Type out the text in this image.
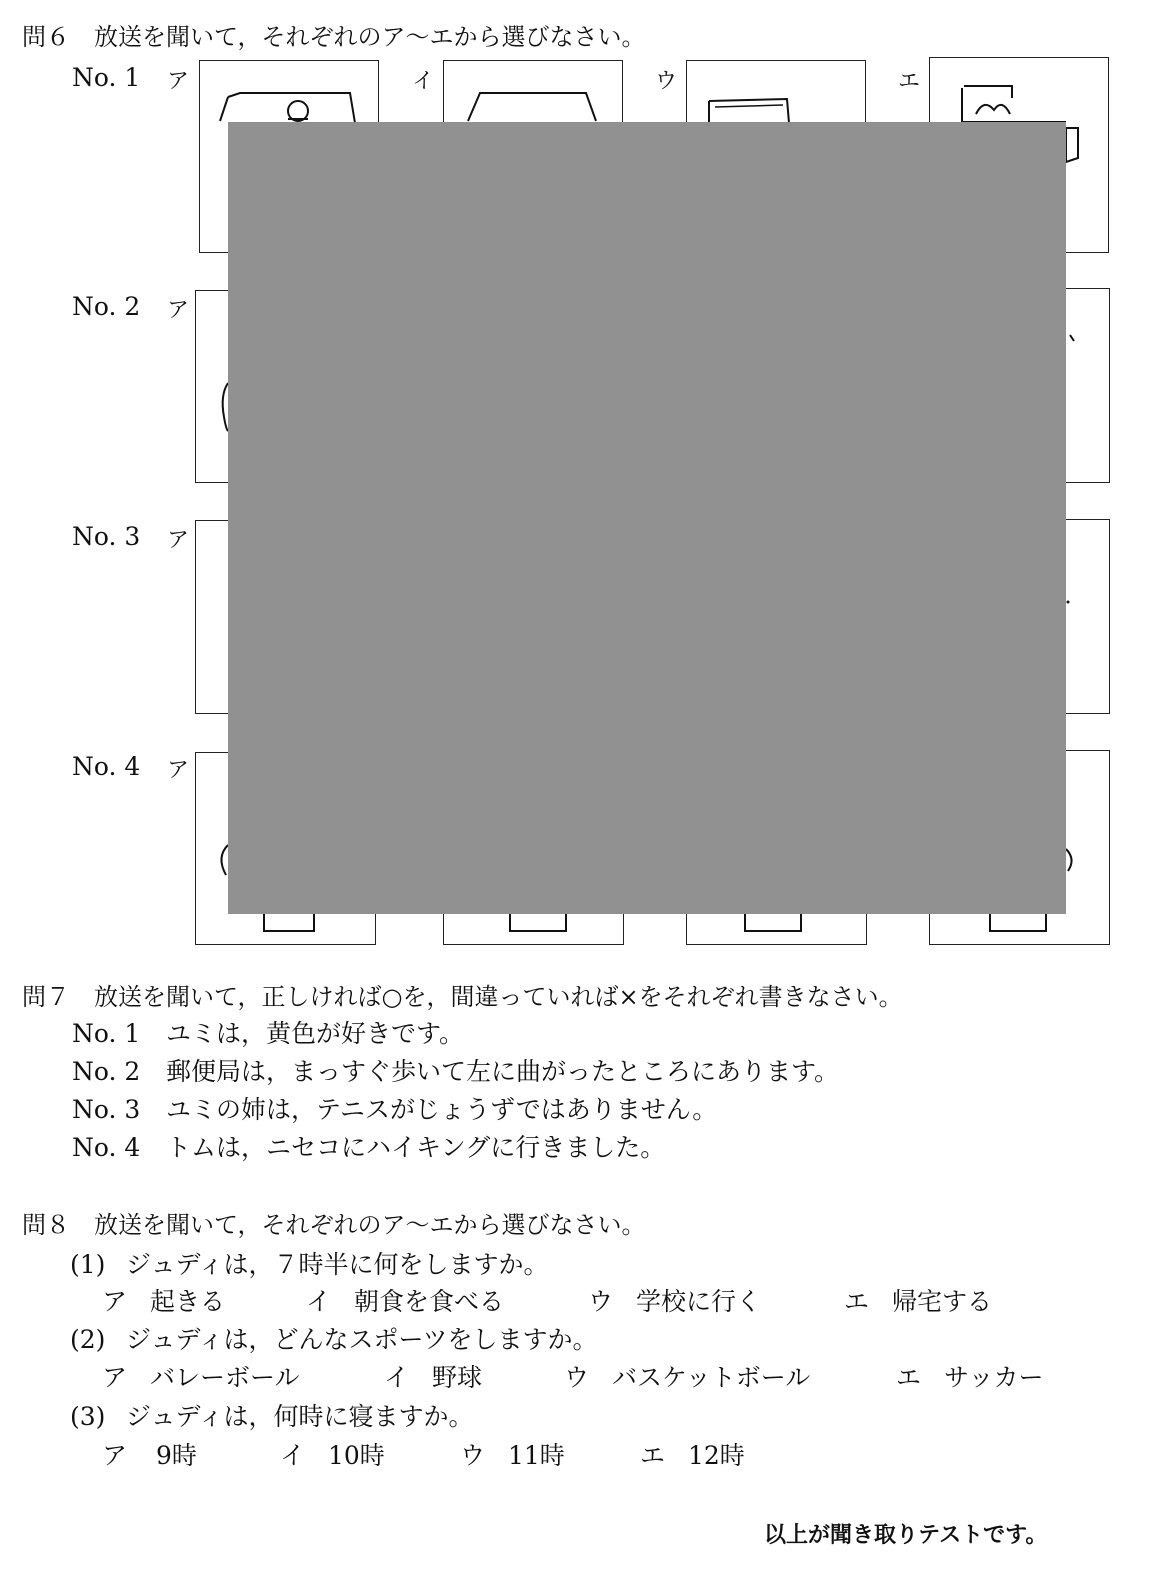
問６　放送を聞いて，それぞれのア～エから選びなさい。
No. 1
No. 2
No. 3
No. 4
ア	イ	ウ	エ
ア
ア
ア
問７　放送を聞いて，正しければ○を，間違っていれば×をそれぞれ書きなさい。
No. 1 ユミは，黄色が好きです。
No. 2 郵便局は，まっすぐ歩いて左に曲がったところにあります。
No. 3 ユミの姉は，テニスがじょうずではありません。
No. 4 トムは，ニセコにハイキングに行きました。
問８　放送を聞いて，それぞれのア～エから選びなさい。
(1) ジュディは，７時半に何をしますか。
ア 起きる	イ 朝食を食べる	ウ 学校に行く	エ 帰宅する
(2) ジュディは，どんなスポーツをしますか。
ア バレーボール	イ 野球	ウ バスケットボール	エ サッカー
(3) ジュディは，何時に寝ますか。
ア 9時	イ 10時	ウ 11時	エ 12時
以上が聞き取りテストです。
